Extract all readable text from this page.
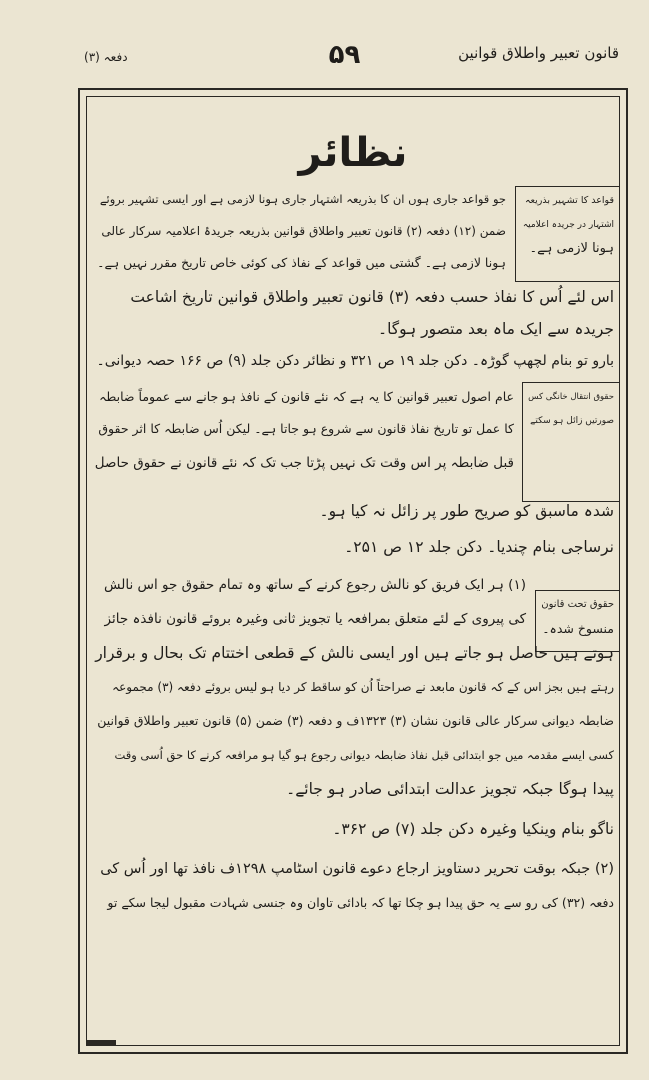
قانون تعبیر واطلاق قوانین
۵۹
دفعہ (۳)
نظائر
قواعد کا تشہیر بذریعہ
اشتہار در جریدہ اعلامیہ
ہونا لازمی ہے۔
حقوق انتقال خانگی کس
صورتیں زائل ہو سکتے
حقوق تحت قانون
منسوخ شدہ۔
جو قواعد جاری ہوں ان کا بذریعہ اشتہار جاری ہونا لازمی ہے اور ایسی تشہیر بروئے
ضمن (۱۲) دفعہ (۲) قانون تعبیر واطلاق قوانین بذریعہ جریدۂ اعلامیہ سرکار عالی
ہونا لازمی ہے۔ گشتی میں قواعد کے نفاذ کی کوئی خاص تاریخ مقرر نہیں ہے۔
اس لئے اُس کا نفاذ حسب دفعہ (۳) قانون تعبیر واطلاق قوانین تاریخ اشاعت
جریدہ سے ایک ماہ بعد متصور ہوگا۔
بارو تو بنام لچھپ گوڑہ۔ دکن جلد ۱۹ ص ۳۲۱ و نظائر دکن جلد (۹) ص ۱۶۶ حصہ دیوانی۔
عام اصول تعبیر قوانین کا یہ ہے کہ نئے قانون کے نافذ ہو جانے سے عموماً ضابطہ
کا عمل تو تاریخ نفاذ قانون سے شروع ہو جاتا ہے۔ لیکن اُس ضابطہ کا اثر حقوق
قبل ضابطہ پر اس وقت تک نہیں پڑتا جب تک کہ نئے قانون نے حقوق حاصل
شدہ ماسبق کو صریح طور پر زائل نہ کیا ہو۔
نرساجی بنام چندیا۔ دکن جلد ۱۲ ص ۲۵۱۔
(۱) ہر ایک فریق کو نالش رجوع کرنے کے ساتھ وہ تمام حقوق جو اس نالش
کی پیروی کے لئے متعلق بمرافعہ یا تجویز ثانی وغیرہ بروئے قانون نافذہ جائز
ہوتے ہیں حاصل ہو جاتے ہیں اور ایسی نالش کے قطعی اختتام تک بحال و برقرار
رہتے ہیں بجز اس کے کہ قانون مابعد نے صراحتاً اُن کو ساقط کر دیا ہو لیس بروئے دفعہ (۳) مجموعہ
ضابطہ دیوانی سرکار عالی قانون نشان (۳) ۱۳۲۳ف و دفعہ (۳) ضمن (۵) قانون تعبیر واطلاق قوانین
کسی ایسے مقدمہ میں جو ابتدائی قبل نفاذ ضابطہ دیوانی رجوع ہو گیا ہو مرافعہ کرنے کا حق اُسی وقت
پیدا ہوگا جبکہ تجویز عدالت ابتدائی صادر ہو جائے۔
ناگو بنام وینکیا وغیرہ دکن جلد (۷) ص ۳۶۲۔
(۲) جبکہ بوقت تحریر دستاویز ارجاع دعوے قانون اسٹامپ ۱۲۹۸ف نافذ تھا اور اُس کی
دفعہ (۳۲) کی رو سے یہ حق پیدا ہو چکا تھا کہ بادائی تاوان وہ جنسی شہادت مقبول لیجا سکے تو
